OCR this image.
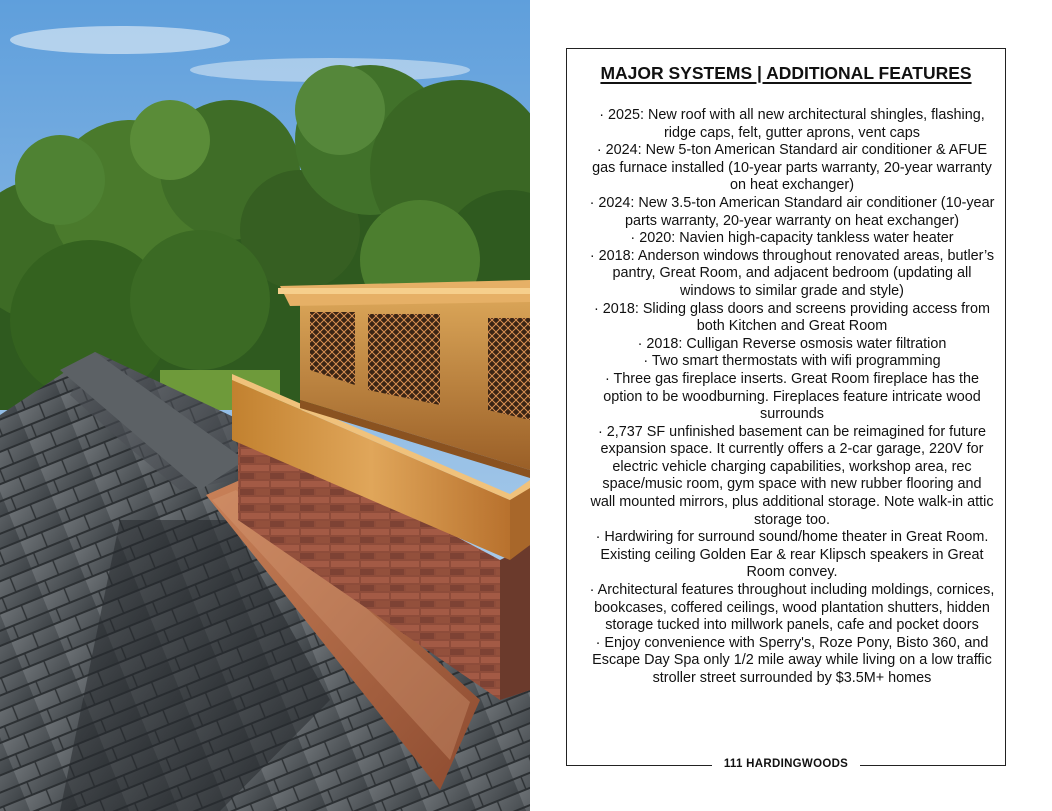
MAJOR SYSTEMS | ADDITIONAL FEATURES
· 2025: New roof with all new architectural shingles, flashing, ridge caps, felt, gutter aprons, vent caps
· 2024: New 5-ton American Standard air conditioner & AFUE gas furnace installed (10-year parts warranty, 20-year warranty on heat exchanger)
· 2024: New 3.5-ton American Standard air conditioner (10-year parts warranty, 20-year warranty on heat exchanger)
· 2020: Navien high-capacity tankless water heater
· 2018: Anderson windows throughout renovated areas, butler’s pantry, Great Room, and adjacent bedroom (updating all windows to similar grade and style)
· 2018: Sliding glass doors and screens providing access from both Kitchen and Great Room
· 2018: Culligan Reverse osmosis water filtration
· Two smart thermostats with wifi programming
· Three gas fireplace inserts. Great Room fireplace has the option to be woodburning. Fireplaces feature intricate wood surrounds
· 2,737 SF unfinished basement can be reimagined for future expansion space. It currently offers a 2-car garage, 220V for electric vehicle charging capabilities, workshop area, rec space/music room, gym space with new rubber flooring and wall mounted mirrors, plus additional storage. Note walk-in attic storage too.
· Hardwiring for surround sound/home theater in Great Room. Existing ceiling Golden Ear & rear Klipsch speakers in Great Room convey.
· Architectural features throughout including moldings, cornices, bookcases, coffered ceilings, wood plantation shutters, hidden storage tucked into millwork panels, cafe and pocket doors
· Enjoy convenience with Sperry's, Roze Pony, Bisto 360, and Escape Day Spa only 1/2 mile away while living on a low traffic stroller street surrounded by $3.5M+ homes
111 HARDINGWOODS
